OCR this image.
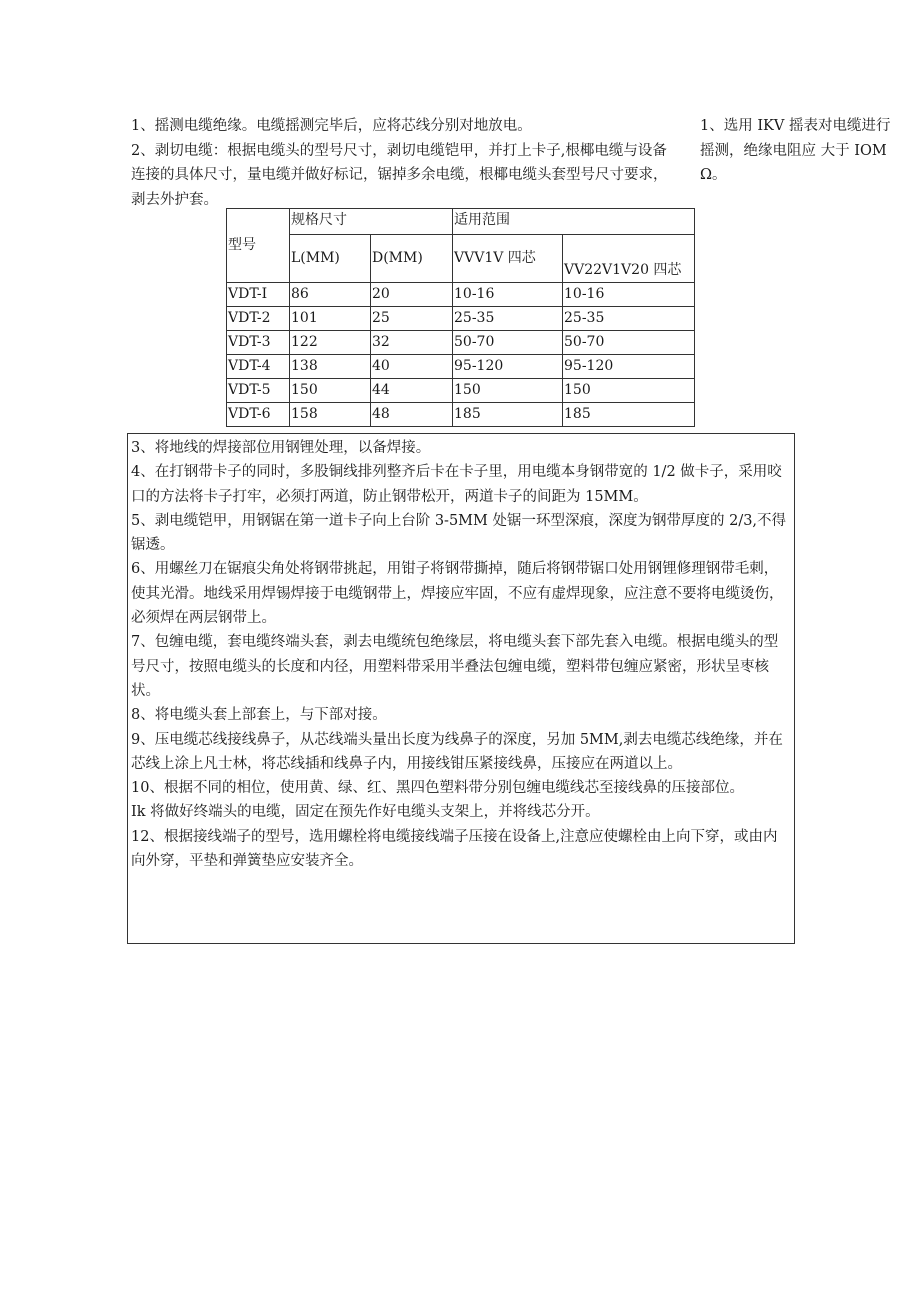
1、摇测电缆绝缘。电缆摇测完毕后，应将芯线分别对地放电。

2、剥切电缆：根据电缆头的型号尺寸，剥切电缆铠甲，并打上卡子,根椰电缆与设备连接的具体尺寸，量电缆并做好标记，锯掉多余电缆，根椰电缆头套型号尺寸要求，剥去外护套。

1、选用 IKV 摇表对电缆进行摇测，绝缘电阻应 大于 IOM Ω。

型号	规格尺寸		适用范围	
	L(MM)	D(MM)	VVV1V 四芯	VV22V1V20 四芯
VDT-I	86	20	10-16	10-16
VDT-2	101	25	25-35	25-35
VDT-3	122	32	50-70	50-70
VDT-4	138	40	95-120	95-120
VDT-5	150	44	150	150
VDT-6	158	48	185	185

3、将地线的焊接部位用钢锂处理，以备焊接。

4、在打钢带卡子的同时，多股铜线排列整齐后卡在卡子里，用电缆本身钢带宽的 1/2 做卡子，采用咬口的方法将卡子打牢，必须打两道，防止钢带松开，两道卡子的间距为 15MM。

5、剥电缆铠甲，用钢锯在第一道卡子向上台阶 3-5MM 处锯一环型深痕，深度为钢带厚度的 2/3,不得锯透。

6、用螺丝刀在锯痕尖角处将钢带挑起，用钳子将钢带撕掉，随后将钢带锯口处用钢锂修理钢带毛刺，使其光滑。地线采用焊锡焊接于电缆钢带上，焊接应牢固，不应有虚焊现象，应注意不要将电缆烫伤，必须焊在两层钢带上。

7、包缠电缆，套电缆终端头套，剥去电缆统包绝缘层，将电缆头套下部先套入电缆。根据电缆头的型号尺寸，按照电缆头的长度和内径，用塑料带采用半叠法包缠电缆，塑料带包缠应紧密，形状呈枣核状。

8、将电缆头套上部套上，与下部对接。

9、压电缆芯线接线鼻子，从芯线端头量出长度为线鼻子的深度，另加 5MM,剥去电缆芯线绝缘，并在芯线上涂上凡士林，将芯线插和线鼻子内，用接线钳压紧接线鼻，压接应在两道以上。

10、根据不同的相位，使用黄、绿、红、黑四色塑料带分别包缠电缆线芯至接线鼻的压接部位。

Ik 将做好终端头的电缆，固定在预先作好电缆头支架上，并将线芯分开。

12、根据接线端子的型号，选用螺栓将电缆接线端子压接在设备上,注意应使螺栓由上向下穿，或由内向外穿，平垫和弹簧垫应安装齐全。
